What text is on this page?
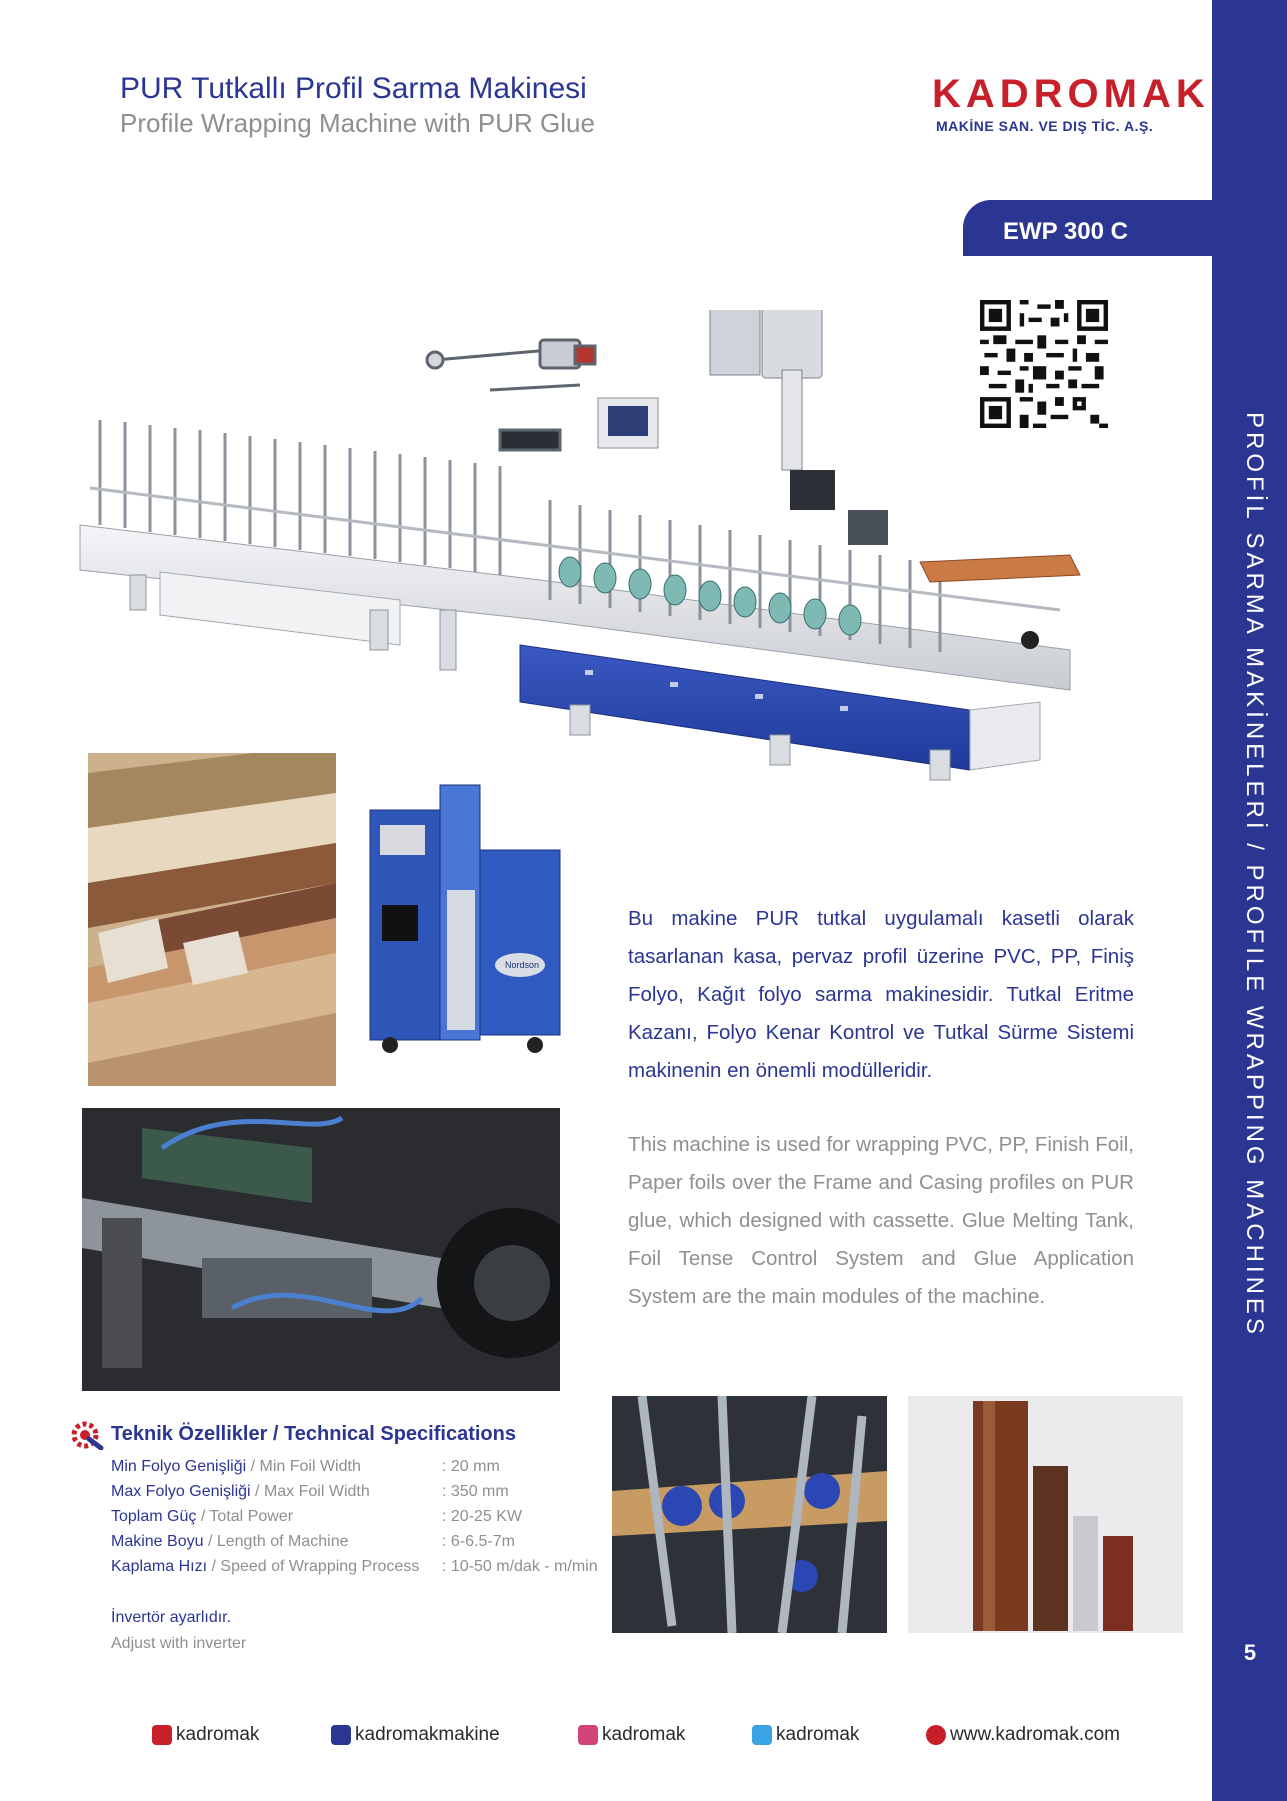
PUR Tutkallı Profil Sarma Makinesi
Profile Wrapping Machine with PUR Glue
KADROMAK
MAKİNE SAN. VE DIŞ TİC. A.Ş.
PROFİL SARMA MAKİNELERİ / PROFILE WRAPPING MACHINES
5
EWP 300 C
Nordson
Bu makine PUR tutkal uygulamalı kasetli olarak tasarlanan kasa, pervaz profil üzerine PVC, PP, Finiş Folyo, Kağıt folyo sarma makinesidir. Tutkal Eritme Kazanı, Folyo Kenar Kontrol ve Tutkal Sürme Sistemi makinenin en önemli modülleridir.
This machine is used for wrapping PVC, PP, Finish Foil, Paper foils over the Frame and Casing profiles on PUR glue, which designed with cassette. Glue Melting Tank, Foil Tense Control System and Glue Application System are the main modules of the machine.
Teknik Özellikler / Technical Specifications
Min Folyo Genişliği / Min Foil Width	: 20 mm
Max Folyo Genişliği / Max Foil Width	: 350 mm
Toplam Güç / Total Power	: 20-25 KW
Makine Boyu / Length of Machine	: 6-6.5-7m
Kaplama Hızı / Speed of Wrapping Process : 10-50 m/dak - m/min
İnvertör ayarlıdır.
Adjust with inverter
kadromak	kadromakmakine	kadromak	kadromak	www.kadromak.com
